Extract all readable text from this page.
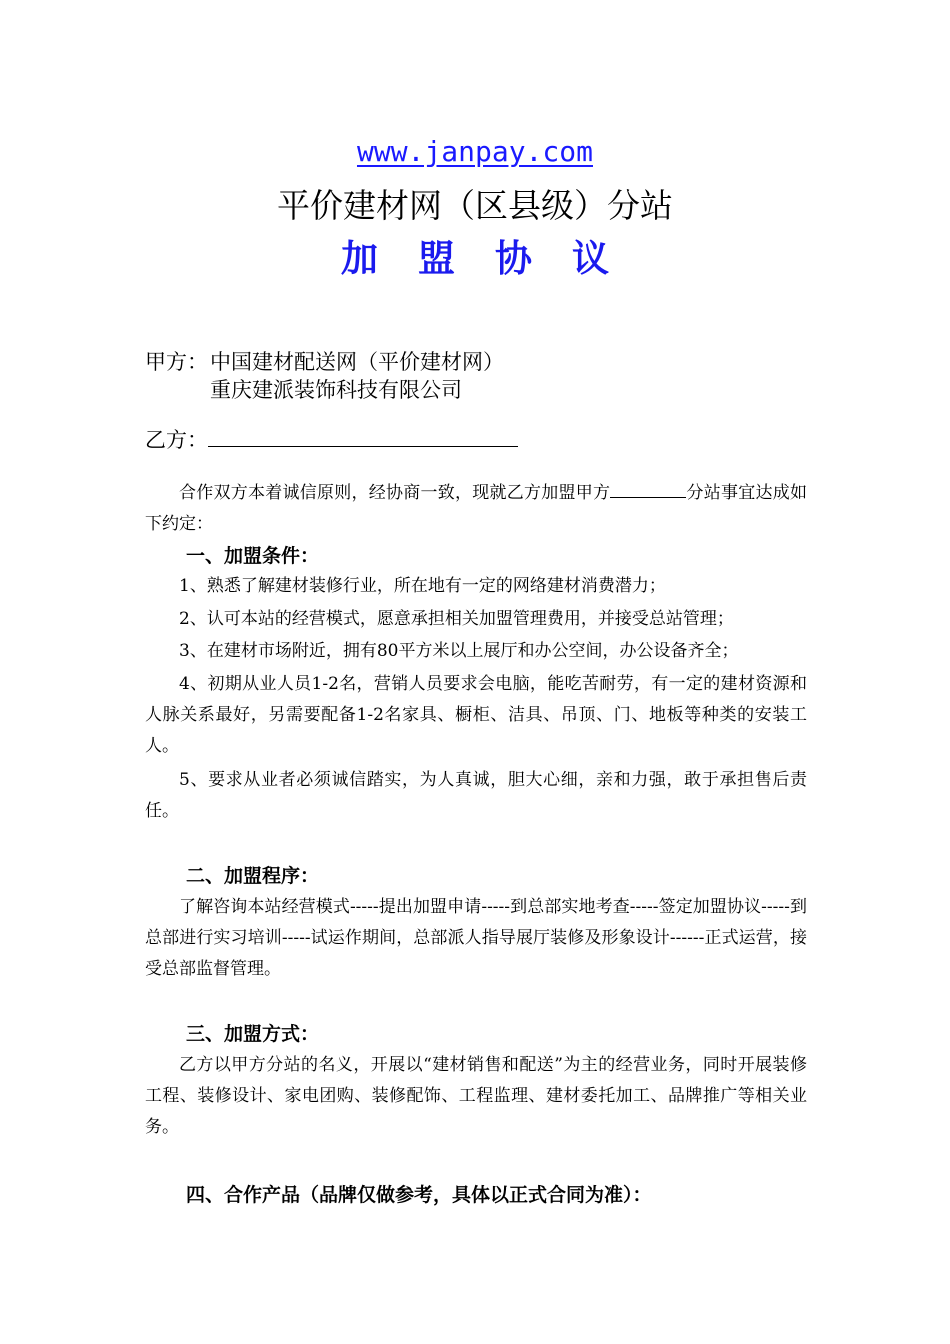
www.janpay.com
平价建材网（区县级）分站
加盟协议
甲方： 中国建材配送网（平价建材网）
重庆建派装饰科技有限公司
乙方：
合作双方本着诚信原则，经协商一致，现就乙方加盟甲方	分站事宜达成如下约定：
一、加盟条件：
1、熟悉了解建材装修行业，所在地有一定的网络建材消费潜力；
2、认可本站的经营模式，愿意承担相关加盟管理费用，并接受总站管理；
3、在建材市场附近，拥有80平方米以上展厅和办公空间，办公设备齐全；
4、初期从业人员1-2名，营销人员要求会电脑，能吃苦耐劳，有一定的建材资源和人脉关系最好，另需要配备1-2名家具、橱柜、洁具、吊顶、门、地板等种类的安装工人。
5、要求从业者必须诚信踏实，为人真诚，胆大心细，亲和力强，敢于承担售后责任。
二、加盟程序：
了解咨询本站经营模式-----提出加盟申请-----到总部实地考查-----签定加盟协议-----到总部进行实习培训-----试运作期间，总部派人指导展厅装修及形象设计------正式运营，接受总部监督管理。
三、加盟方式：
乙方以甲方分站的名义，开展以“建材销售和配送”为主的经营业务，同时开展装修工程、装修设计、家电团购、装修配饰、工程监理、建材委托加工、品牌推广等相关业务。
四、合作产品（品牌仅做参考，具体以正式合同为准）：
